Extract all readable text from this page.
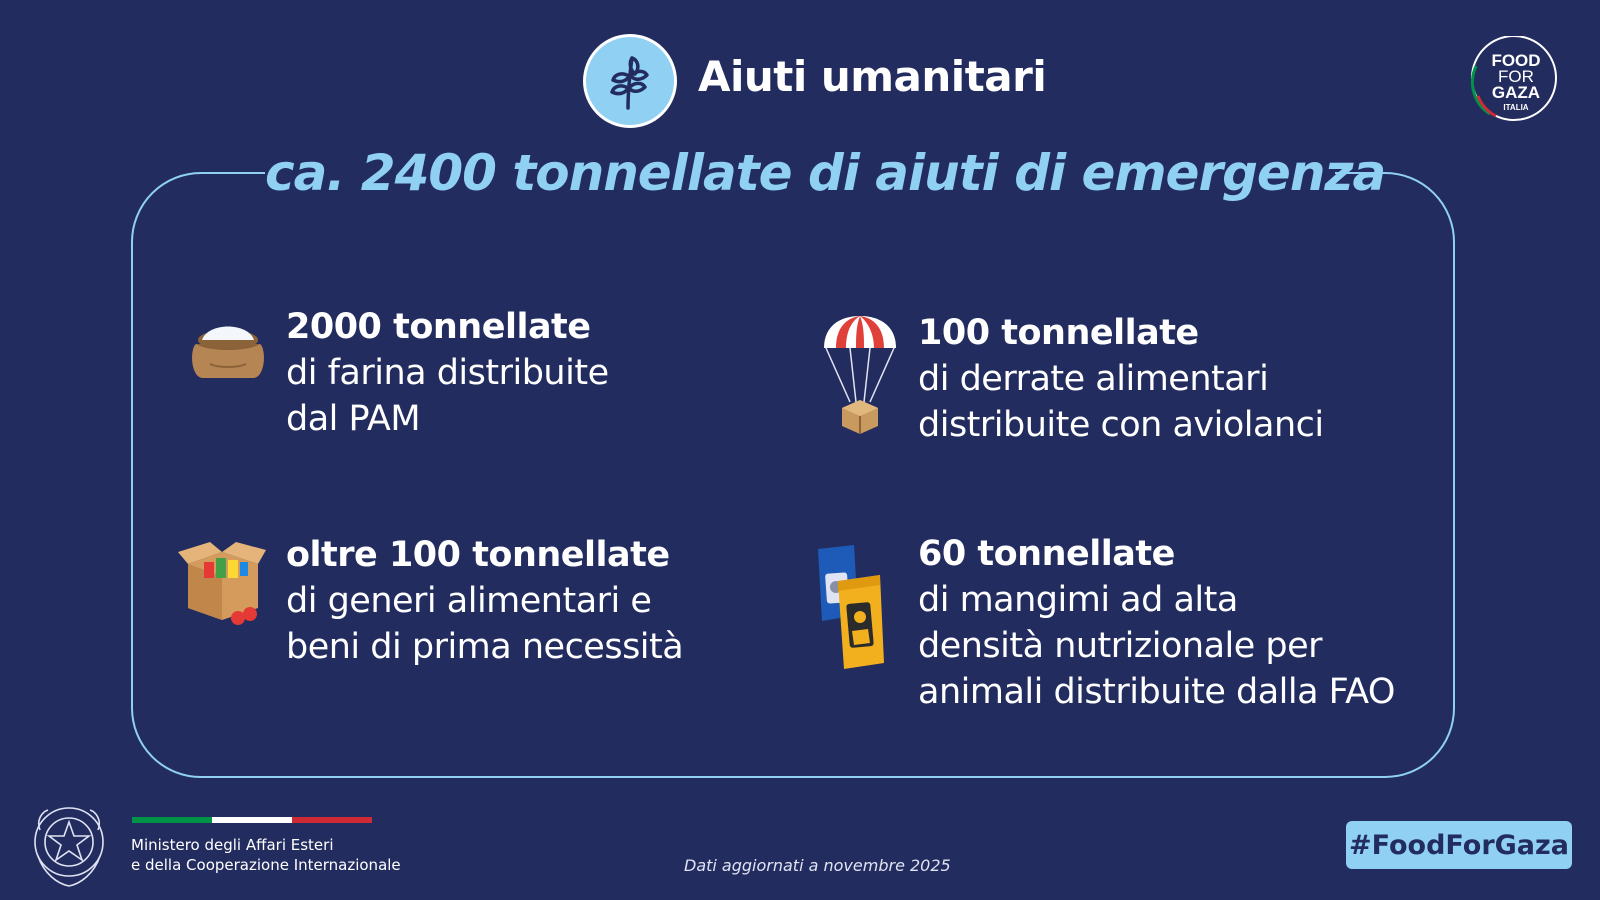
Aiuti umanitari	FOOD
FOR
GAZA
ITALIA
ca. 2400 tonnellate di aiuti di emergenza
2000 tonnellate
di farina distribuite
dal PAM
100 tonnellate
di derrate alimentari
distribuite con aviolanci
oltre 100 tonnellate
di generi alimentari e
beni di prima necessità
60 tonnellate
di mangimi ad alta
densità nutrizionale per
animali distribuite dalla FAO
Ministero degli Affari Esteri
e della Cooperazione Internazionale	Dati aggiornati a novembre 2025
#FoodForGaza
